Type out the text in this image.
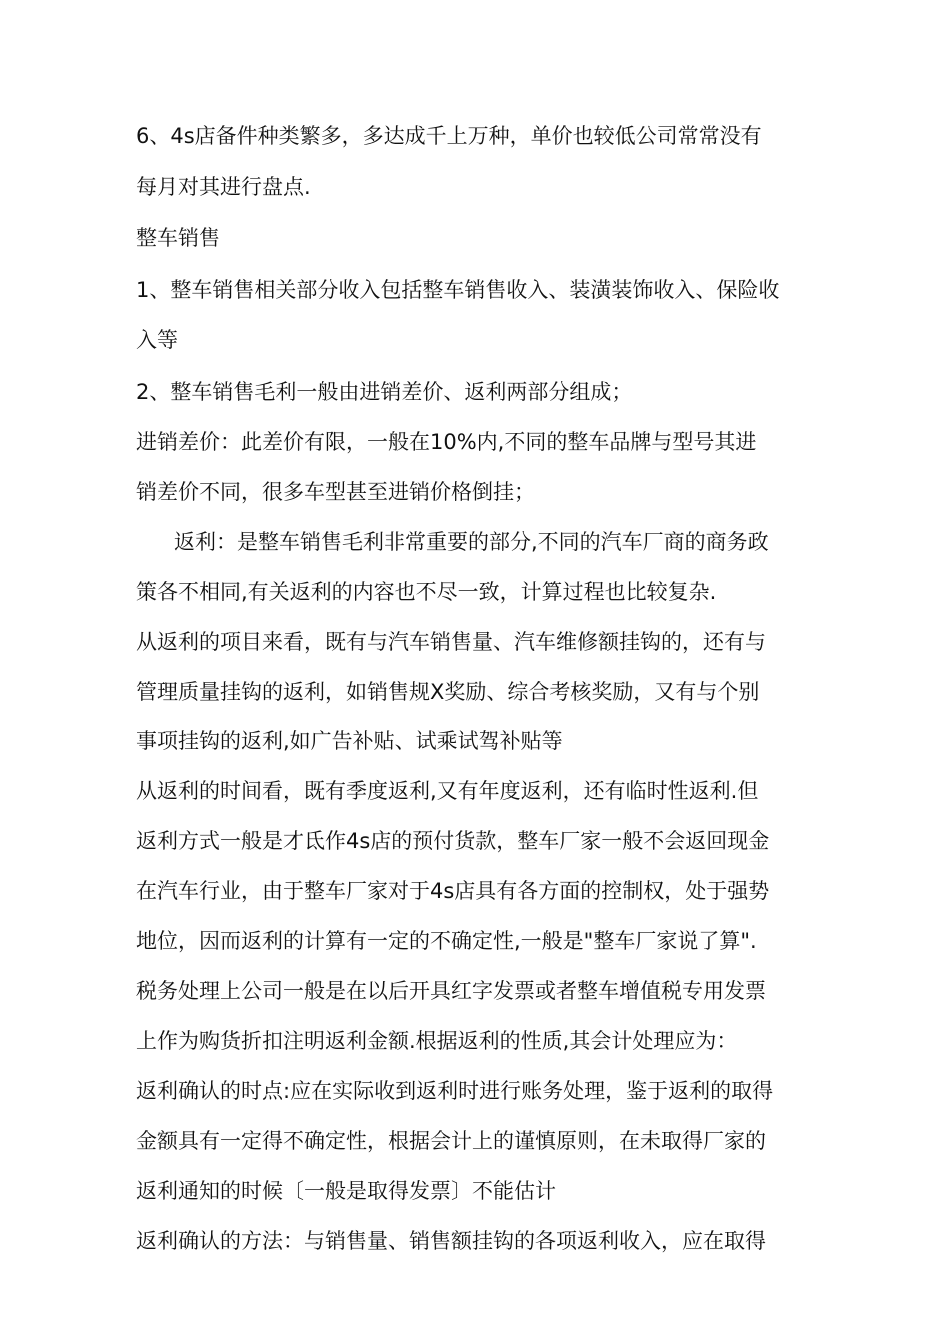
6、4s店备件种类繁多，多达成千上万种，单价也较低公司常常没有
每月对其进行盘点.
整车销售
1、整车销售相关部分收入包括整车销售收入、装潢装饰收入、保险收
入等
2、整车销售毛利一般由进销差价、返利两部分组成；
进销差价：此差价有限，一般在10%内,不同的整车品牌与型号其进
销差价不同，很多车型甚至进销价格倒挂；
返利：是整车销售毛利非常重要的部分,不同的汽车厂商的商务政
策各不相同,有关返利的内容也不尽一致，计算过程也比较复杂.
从返利的项目来看，既有与汽车销售量、汽车维修额挂钩的，还有与
管理质量挂钩的返利，如销售规X奖励、综合考核奖励，又有与个别
事项挂钩的返利,如广告补贴、试乘试驾补贴等
从返利的时间看，既有季度返利,又有年度返利，还有临时性返利.但
返利方式一般是才氐作4s店的预付货款，整车厂家一般不会返回现金
在汽车行业，由于整车厂家对于4s店具有各方面的控制权，处于强势
地位，因而返利的计算有一定的不确定性,一般是"整车厂家说了算".
税务处理上公司一般是在以后开具红字发票或者整车增值税专用发票
上作为购货折扣注明返利金额.根据返利的性质,其会计处理应为：
返利确认的时点:应在实际收到返利时进行账务处理，鉴于返利的取得
金额具有一定得不确定性，根据会计上的谨慎原则，在未取得厂家的
返利通知的时候〔一般是取得发票〕不能估计
返利确认的方法：与销售量、销售额挂钩的各项返利收入，应在取得
